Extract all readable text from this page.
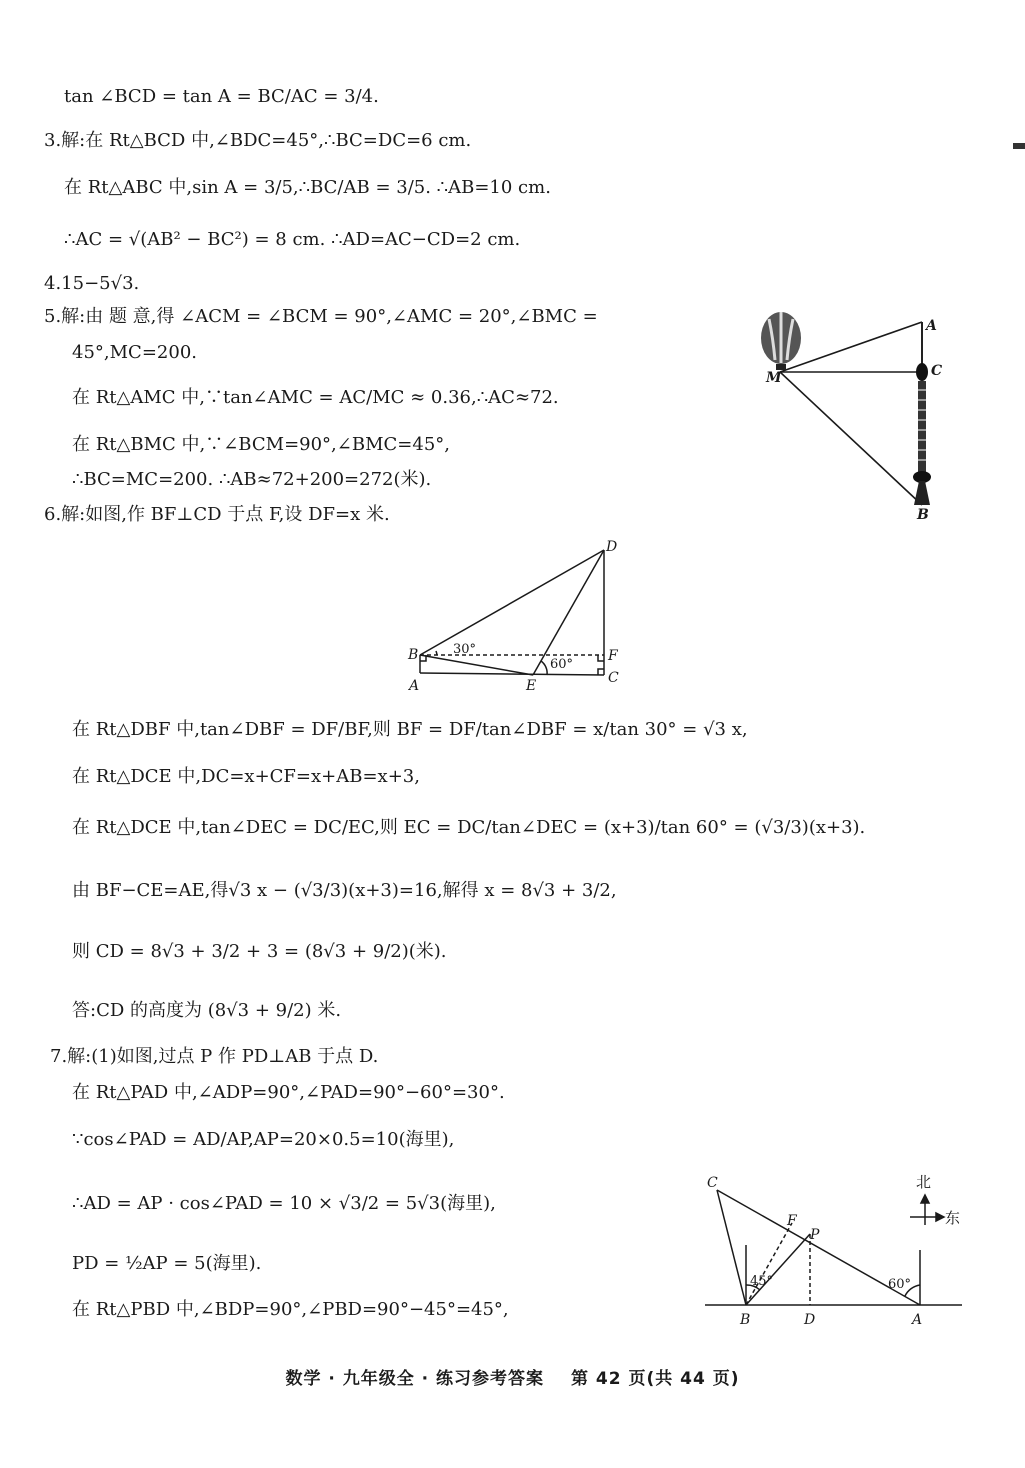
tan ∠BCD = tan A = BC/AC = 3/4.
3.解:在 Rt△BCD 中,∠BDC=45°,∴BC=DC=6 cm.
在 Rt△ABC 中,sin A = 3/5,∴BC/AB = 3/5. ∴AB=10 cm.
∴AC = √(AB² − BC²) = 8 cm. ∴AD=AC−CD=2 cm.
4.15−5√3.
5.解:由 题 意,得 ∠ACM = ∠BCM = 90°,∠AMC = 20°,∠BMC =
45°,MC=200.
在 Rt△AMC 中,∵tan∠AMC = AC/MC ≈ 0.36,∴AC≈72.
在 Rt△BMC 中,∵∠BCM=90°,∠BMC=45°,
∴BC=MC=200. ∴AB≈72+200=272(米).
6.解:如图,作 BF⊥CD 于点 F,设 DF=x 米.
在 Rt△DBF 中,tan∠DBF = DF/BF,则 BF = DF/tan∠DBF = x/tan 30° = √3 x,
在 Rt△DCE 中,DC=x+CF=x+AB=x+3,
在 Rt△DCE 中,tan∠DEC = DC/EC,则 EC = DC/tan∠DEC = (x+3)/tan 60° = (√3/3)(x+3).
由 BF−CE=AE,得√3 x − (√3/3)(x+3)=16,解得 x = 8√3 + 3/2,
则 CD = 8√3 + 3/2 + 3 = (8√3 + 9/2)(米).
答:CD 的高度为 (8√3 + 9/2) 米.
7.解:(1)如图,过点 P 作 PD⊥AB 于点 D.
在 Rt△PAD 中,∠ADP=90°,∠PAD=90°−60°=30°.
∵cos∠PAD = AD/AP,AP=20×0.5=10(海里),
∴AD = AP · cos∠PAD = 10 × √3/2 = 5√3(海里),
PD = ½AP = 5(海里).
在 Rt△PBD 中,∠BDP=90°,∠PBD=90°−45°=45°,
A
C
M
B
D
B	F
A	E	C
30°
60°
C
F
P
B	D	A
45°	60°
北
东
数学 · 九年级全 · 练习参考答案 第 42 页(共 44 页)
